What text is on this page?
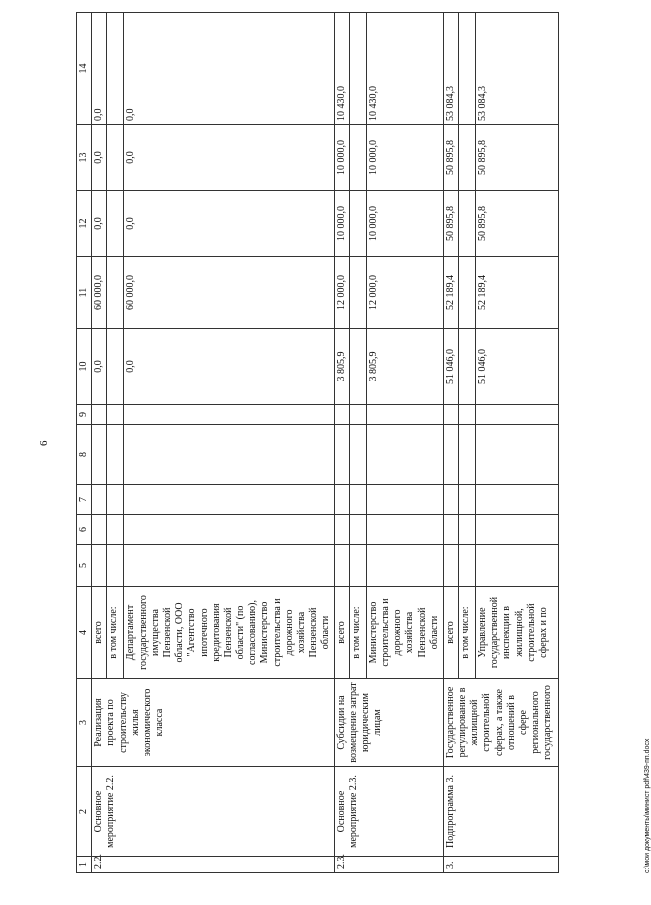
6
1	2	3	4	5	6	7	8	9	10	11	12	13	14
2.2.	Основное мероприятие 2.2.	Реализация проекта по строительству жилья экономического класса	всего						0,0	60 000,0	0,0	0,0	0,0
			в том числе:										
			Департамент государственного имущества Пензенской области, ООО "Агентство ипотечного кредитования Пензенской области" (по согласованию), Министерство строительства и дорожного хозяйства Пензенской области						0,0	60 000,0	0,0	0,0	0,0
2.3.	Основное мероприятие 2.3.	Субсидии на возмещение затрат юридическим лицам	всего						3 805,9	12 000,0	10 000,0	10 000,0	10 430,0
			в том числе:										
			Министерство строительства и дорожного хозяйства Пензенской области						3 805,9	12 000,0	10 000,0	10 000,0	10 430,0
3.	Подпрограмма 3.	Государственное регулирование в жилищной строительной сферах, а также отношений в сфере регионального государственного	всего						51 046,0	52 189,4	50 895,8	50 895,8	53 084,3
			в том числе:										
			Управление государственной инспекции в жилищной, строительной сферах и по						51 046,0	52 189,4	50 895,8	50 895,8	53 084,3
c:\мои документы\минист pdf\439-пп.docx
